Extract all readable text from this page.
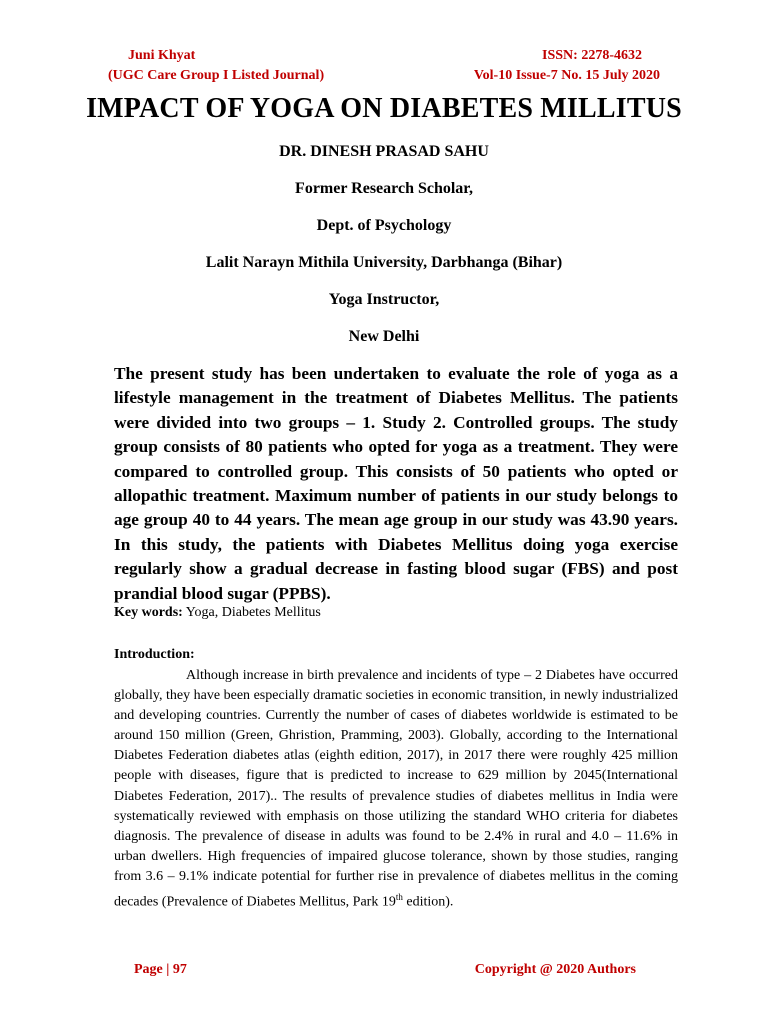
Juni Khyat	ISSN: 2278-4632
(UGC Care Group I Listed Journal)	Vol-10 Issue-7 No. 15 July 2020
IMPACT OF YOGA ON DIABETES MILLITUS
DR. DINESH PRASAD SAHU
Former Research Scholar,
Dept. of Psychology
Lalit Narayn Mithila University, Darbhanga (Bihar)
Yoga Instructor,
New Delhi

The present study has been undertaken to evaluate the role of yoga as a lifestyle management in the treatment of Diabetes Mellitus. The patients were divided into two groups – 1. Study 2. Controlled groups. The study group consists of 80 patients who opted for yoga as a treatment. They were compared to controlled group. This consists of 50 patients who opted or allopathic treatment. Maximum number of patients in our study belongs to age group 40 to 44 years. The mean age group in our study was 43.90 years. In this study, the patients with Diabetes Mellitus doing yoga exercise regularly show a gradual decrease in fasting blood sugar (FBS) and post prandial blood sugar (PPBS).

Key words: Yoga, Diabetes Mellitus
Introduction:

Although increase in birth prevalence and incidents of type – 2 Diabetes have occurred globally, they have been especially dramatic societies in economic transition, in newly industrialized and developing countries. Currently the number of cases of diabetes worldwide is estimated to be around 150 million (Green, Ghristion, Pramming, 2003). Globally, according to the International Diabetes Federation diabetes atlas (eighth edition, 2017), in 2017 there were roughly 425 million people with diseases, figure that is predicted to increase to 629 million by 2045(International Diabetes Federation, 2017).. The results of prevalence studies of diabetes mellitus in India were systematically reviewed with emphasis on those utilizing the standard WHO criteria for diabetes diagnosis. The prevalence of disease in adults was found to be 2.4% in rural and 4.0 – 11.6% in urban dwellers. High frequencies of impaired glucose tolerance, shown by those studies, ranging from 3.6 – 9.1% indicate potential for further rise in prevalence of diabetes mellitus in the coming decades (Prevalence of Diabetes Mellitus, Park 19th edition).

Page | 97	Copyright @ 2020 Authors
